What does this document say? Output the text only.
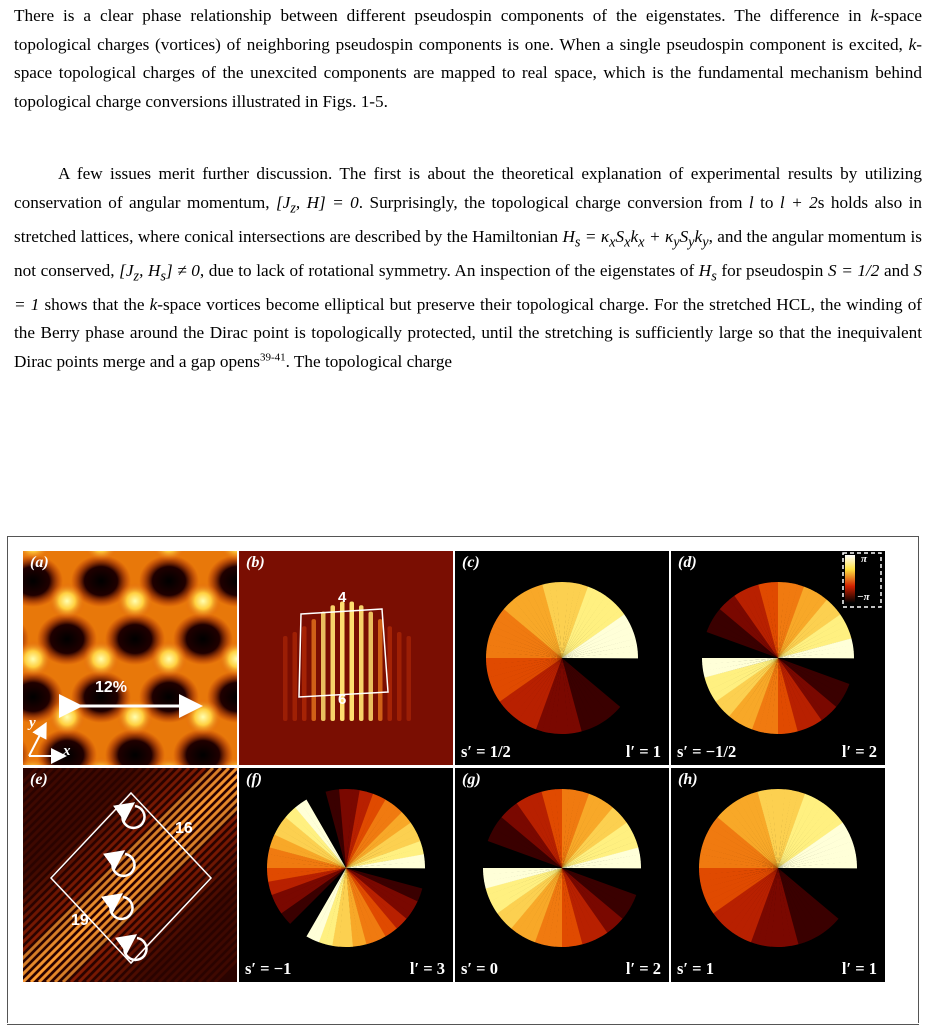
There is a clear phase relationship between different pseudospin components of the eigenstates. The difference in k-space topological charges (vortices) of neighboring pseudospin components is one. When a single pseudospin component is excited, k-space topological charges of the unexcited components are mapped to real space, which is the fundamental mechanism behind topological charge conversions illustrated in Figs. 1-5.

A few issues merit further discussion. The first is about the theoretical explanation of experimental results by utilizing conservation of angular momentum, [$J_z$, H] = 0. Surprisingly, the topological charge conversion from l to l + 2s holds also in stretched lattices, where conical intersections are described by the Hamiltonian $H_s = \kappa_xS_xk_x + \kappa_yS_yk_y$, and the angular momentum is not conserved, [$J_z$, $H_s] \ne 0$, due to lack of rotational symmetry. An inspection of the eigenstates of $H_s$ for pseudospin S = 1/2 and S = 1 shows that the k-space vortices become elliptical but preserve their topological charge. For the stretched HCL, the winding of the Berry phase around the Dirac point is topologically protected, until the stretching is sufficiently large so that the inequivalent Dirac points merge and a gap opens$^{39-41}$. The topological charge

(a)
12%
x
y
(b)
4
6
(c)
s′ = 1/2	l′ = 1
(d)	π
−π
s′ = −1/2	l′ = 2
(e)
16
19
(f)
s′ = −1	l′ = 3
(g)
s′ = 0	l′ = 2
(h)
s′ = 1	l′ = 1
